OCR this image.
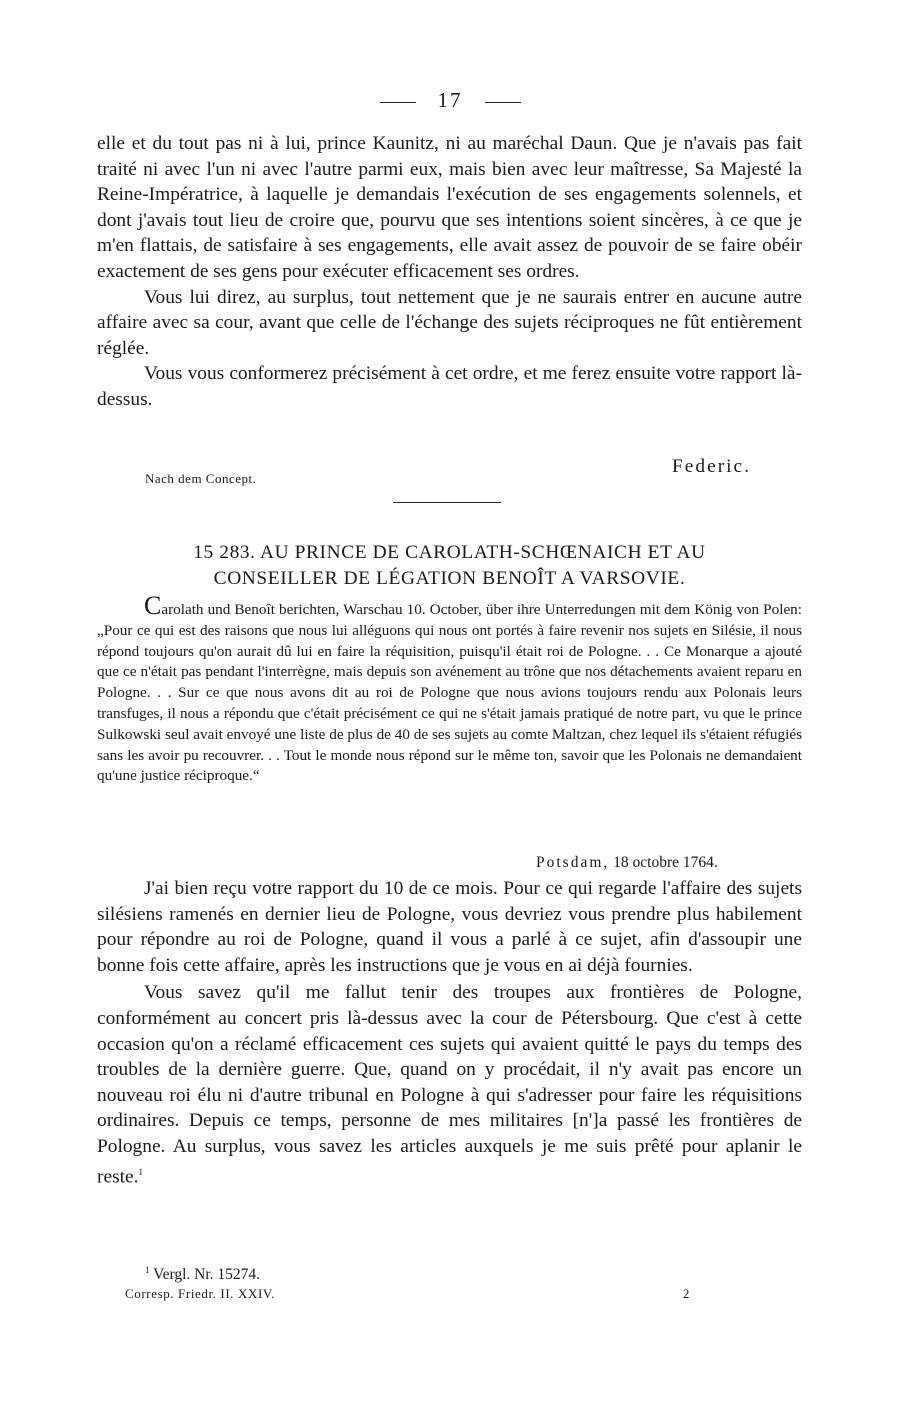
17

elle et du tout pas ni à lui, prince Kaunitz, ni au maréchal Daun. Que je n'avais pas fait traité ni avec l'un ni avec l'autre parmi eux, mais bien avec leur maîtresse, Sa Majesté la Reine-Impératrice, à laquelle je demandais l'exécution de ses engagements solennels, et dont j'avais tout lieu de croire que, pourvu que ses intentions soient sincères, à ce que je m'en flattais, de satisfaire à ses engagements, elle avait assez de pouvoir de se faire obéir exactement de ses gens pour exécuter efficacement ses ordres.

Vous lui direz, au surplus, tout nettement que je ne saurais entrer en aucune autre affaire avec sa cour, avant que celle de l'échange des sujets réciproques ne fût entièrement réglée.

Vous vous conformerez précisément à cet ordre, et me ferez ensuite votre rapport là-dessus.

Federic.
Nach dem Concept.
15 283. AU PRINCE DE CAROLATH-SCHŒNAICH ET AU
CONSEILLER DE LÉGATION BENOÎT A VARSOVIE.

Carolath und Benoît berichten, Warschau 10. October, über ihre Unterredungen mit dem König von Polen: „Pour ce qui est des raisons que nous lui alléguons qui nous ont portés à faire revenir nos sujets en Silésie, il nous répond toujours qu'on aurait dû lui en faire la réquisition, puisqu'il était roi de Pologne. . . Ce Monarque a ajouté que ce n'était pas pendant l'interrègne, mais depuis son avénement au trône que nos détachements avaient reparu en Pologne. . . Sur ce que nous avons dit au roi de Pologne que nous avions toujours rendu aux Polonais leurs transfuges, il nous a répondu que c'était précisément ce qui ne s'était jamais pratiqué de notre part, vu que le prince Sulkowski seul avait envoyé une liste de plus de 40 de ses sujets au comte Maltzan, chez lequel ils s'étaient réfugiés sans les avoir pu recouvrer. . . Tout le monde nous répond sur le même ton, savoir que les Polonais ne demandaient qu'une justice réciproque.“

Potsdam, 18 octobre 1764.

J'ai bien reçu votre rapport du 10 de ce mois. Pour ce qui regarde l'affaire des sujets silésiens ramenés en dernier lieu de Pologne, vous devriez vous prendre plus habilement pour répondre au roi de Pologne, quand il vous a parlé à ce sujet, afin d'assoupir une bonne fois cette affaire, après les instructions que je vous en ai déjà fournies.

Vous savez qu'il me fallut tenir des troupes aux frontières de Pologne, conformément au concert pris là-dessus avec la cour de Pétersbourg. Que c'est à cette occasion qu'on a réclamé efficacement ces sujets qui avaient quitté le pays du temps des troubles de la dernière guerre. Que, quand on y procédait, il n'y avait pas encore un nouveau roi élu ni d'autre tribunal en Pologne à qui s'adresser pour faire les réquisitions ordinaires. Depuis ce temps, personne de mes militaires [n']a passé les frontières de Pologne. Au surplus, vous savez les articles auxquels je me suis prêté pour aplanir le reste.$^1$

$^1$ Vergl. Nr. 15274.
Corresp. Friedr. II. XXIV.	2
